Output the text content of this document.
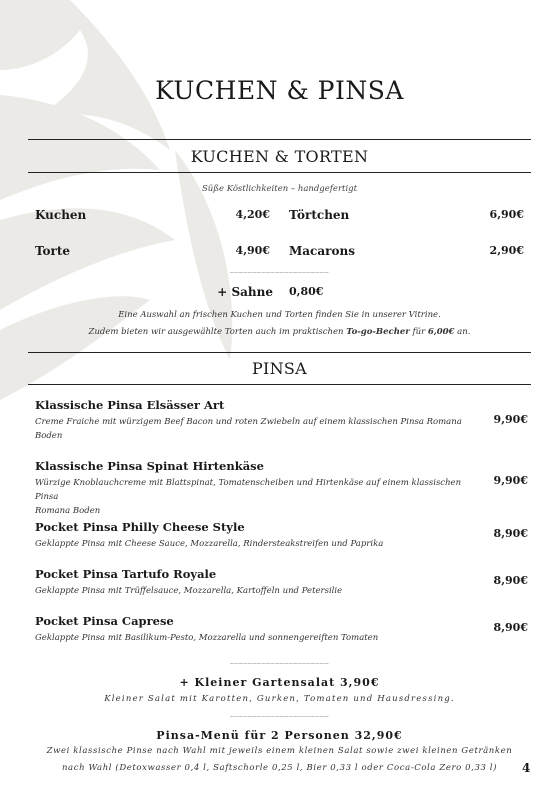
KUCHEN & PINSA
KUCHEN & TORTEN
Süße Köstlichkeiten – handgefertigt
Kuchen	4,20€ Törtchen	6,90€
Torte	4,90€ Macarons	2,90€
______________________
+ Sahne 0,80€
Eine Auswahl an frischen Kuchen und Torten finden Sie in unserer Vitrine.
Zudem bieten wir ausgewählte Torten auch im praktischen To-go-Becher für 6,00€ an.
PINSA
Klassische Pinsa Elsässer Art
Creme Fraiche mit würzigem Beef Bacon und roten Zwiebeln auf einem klassischen Pinsa Romana
Boden
9,90€
Klassische Pinsa Spinat Hirtenkäse
Würzige Knoblauchcreme mit Blattspinat, Tomatenscheiben und Hirtenkäse auf einem klassischen Pinsa
Romana Boden
9,90€
Pocket Pinsa Philly Cheese Style
Geklappte Pinsa mit Cheese Sauce, Mozzarella, Rindersteakstreifen und Paprika
8,90€
Pocket Pinsa Tartufo Royale
Geklappte Pinsa mit Trüffelsauce, Mozzarella, Kartoffeln und Petersilie
8,90€
Pocket Pinsa Caprese
Geklappte Pinsa mit Basilikum-Pesto, Mozzarella und sonnengereiften Tomaten
8,90€
______________________
+ Kleiner Gartensalat 3,90€
Kleiner Salat mit Karotten, Gurken, Tomaten und Hausdressing.
______________________
Pinsa-Menü für 2 Personen 32,90€
Zwei klassische Pinse nach Wahl mit jeweils einem kleinen Salat sowie zwei kleinen Getränken
nach Wahl (Detoxwasser 0,4 l, Saftschorle 0,25 l, Bier 0,33 l oder Coca-Cola Zero 0,33 l)	4
